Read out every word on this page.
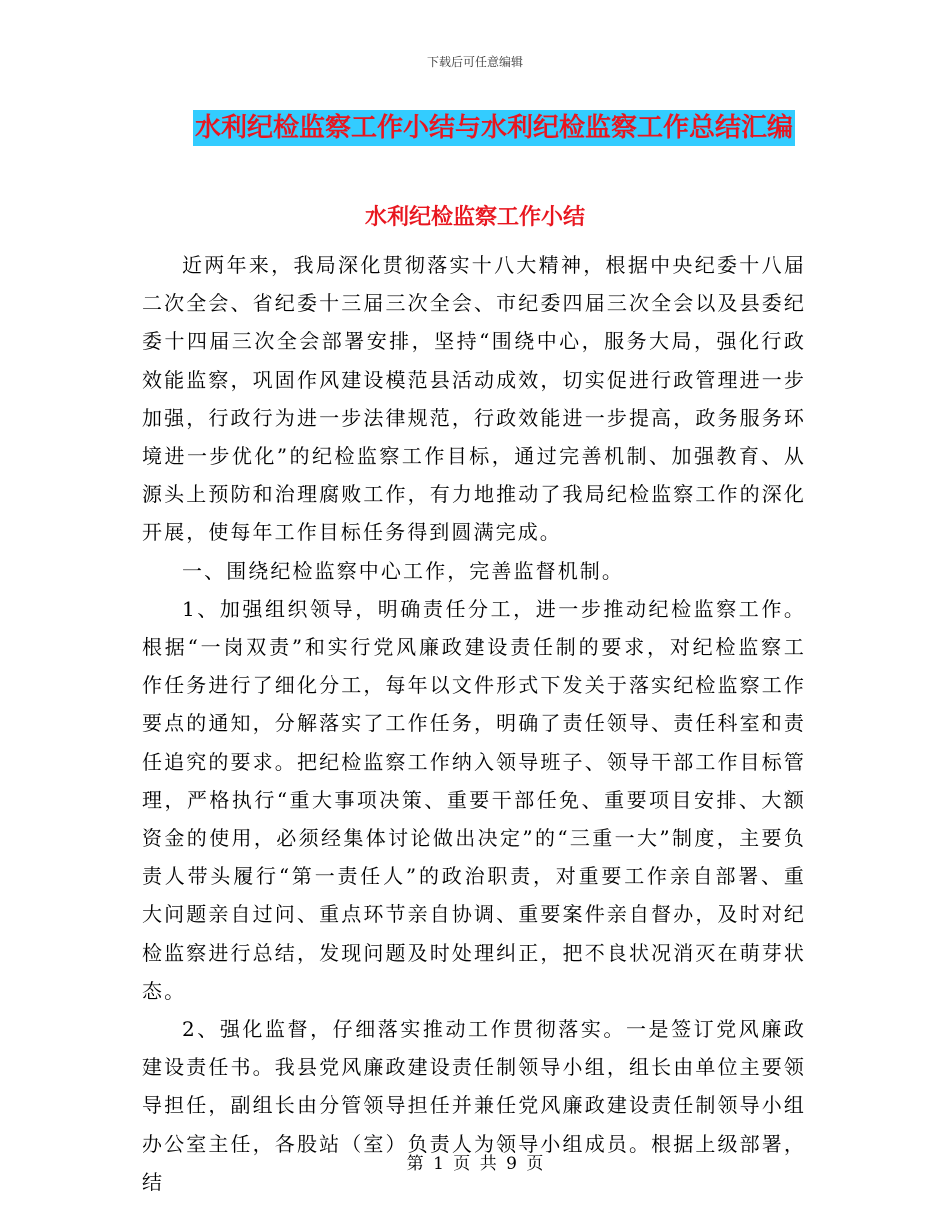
下载后可任意编辑
水利纪检监察工作小结与水利纪检监察工作总结汇编
水利纪检监察工作小结

近两年来，我局深化贯彻落实十八大精神，根据中央纪委十八届二次全会、省纪委十三届三次全会、市纪委四届三次全会以及县委纪委十四届三次全会部署安排，坚持“围绕中心，服务大局，强化行政效能监察，巩固作风建设模范县活动成效，切实促进行政管理进一步加强，行政行为进一步法律规范，行政效能进一步提高，政务服务环境进一步优化”的纪检监察工作目标，通过完善机制、加强教育、从源头上预防和治理腐败工作，有力地推动了我局纪检监察工作的深化开展，使每年工作目标任务得到圆满完成。

一、围绕纪检监察中心工作，完善监督机制。

1、加强组织领导，明确责任分工，进一步推动纪检监察工作。根据“一岗双责”和实行党风廉政建设责任制的要求，对纪检监察工作任务进行了细化分工，每年以文件形式下发关于落实纪检监察工作要点的通知，分解落实了工作任务，明确了责任领导、责任科室和责任追究的要求。把纪检监察工作纳入领导班子、领导干部工作目标管理，严格执行“重大事项决策、重要干部任免、重要项目安排、大额资金的使用，必须经集体讨论做出决定”的“三重一大”制度，主要负责人带头履行“第一责任人”的政治职责，对重要工作亲自部署、重大问题亲自过问、重点环节亲自协调、重要案件亲自督办，及时对纪检监察进行总结，发现问题及时处理纠正，把不良状况消灭在萌芽状态。

2、强化监督，仔细落实推动工作贯彻落实。一是签订党风廉政建设责任书。我县党风廉政建设责任制领导小组，组长由单位主要领导担任，副组长由分管领导担任并兼任党风廉政建设责任制领导小组办公室主任，各股站（室）负责人为领导小组成员。根据上级部署，结

第 1 页 共 9 页
